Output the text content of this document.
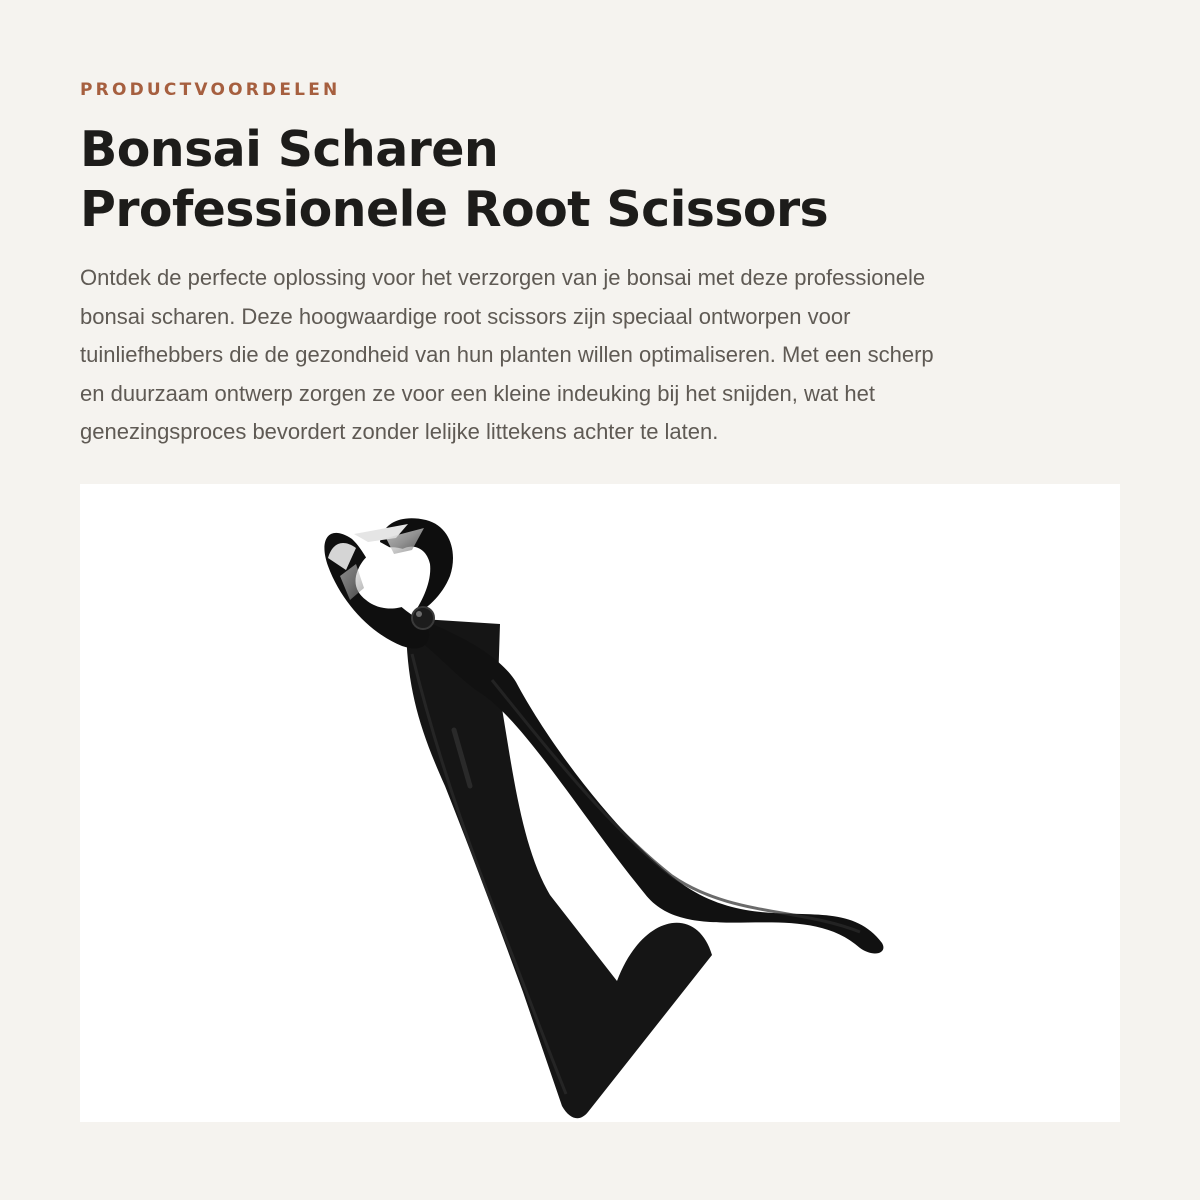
PRODUCTVOORDELEN

Bonsai Scharen
Professionele Root Scissors

Ontdek de perfecte oplossing voor het verzorgen van je bonsai met deze professionele
bonsai scharen. Deze hoogwaardige root scissors zijn speciaal ontworpen voor
tuinliefhebbers die de gezondheid van hun planten willen optimaliseren. Met een scherp
en duurzaam ontwerp zorgen ze voor een kleine indeuking bij het snijden, wat het
genezingsproces bevordert zonder lelijke littekens achter te laten.
